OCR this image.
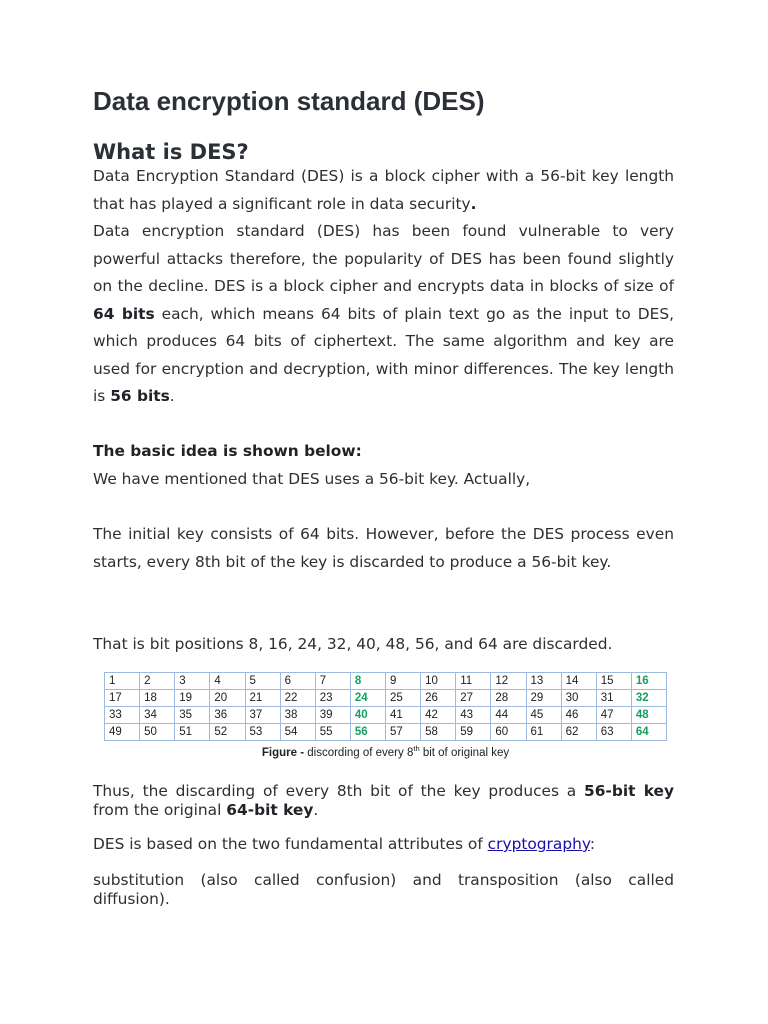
Data encryption standard (DES)
What is DES?

Data Encryption Standard (DES) is a block cipher with a 56-bit key length that has played a significant role in data security.

Data encryption standard (DES) has been found vulnerable to very powerful attacks therefore, the popularity of DES has been found slightly on the decline. DES is a block cipher and encrypts data in blocks of size of 64 bits each, which means 64 bits of plain text go as the input to DES, which produces 64 bits of ciphertext. The same algorithm and key are used for encryption and decryption, with minor differences. The key length is 56 bits.

The basic idea is shown below:

We have mentioned that DES uses a 56-bit key. Actually,

The initial key consists of 64 bits. However, before the DES process even starts, every 8th bit of the key is discarded to produce a 56-bit key.

That is bit positions 8, 16, 24, 32, 40, 48, 56, and 64 are discarded.

1	2	3	4	5	6	7	8	9	10	11	12	13	14	15	16
17	18	19	20	21	22	23	24	25	26	27	28	29	30	31	32
33	34	35	36	37	38	39	40	41	42	43	44	45	46	47	48
49	50	51	52	53	54	55	56	57	58	59	60	61	62	63	64
Figure - discording of every 8th bit of original key

Thus, the discarding of every 8th bit of the key produces a 56-bit key from the original 64-bit key.

DES is based on the two fundamental attributes of cryptography:

substitution (also called confusion) and transposition (also called diffusion).
